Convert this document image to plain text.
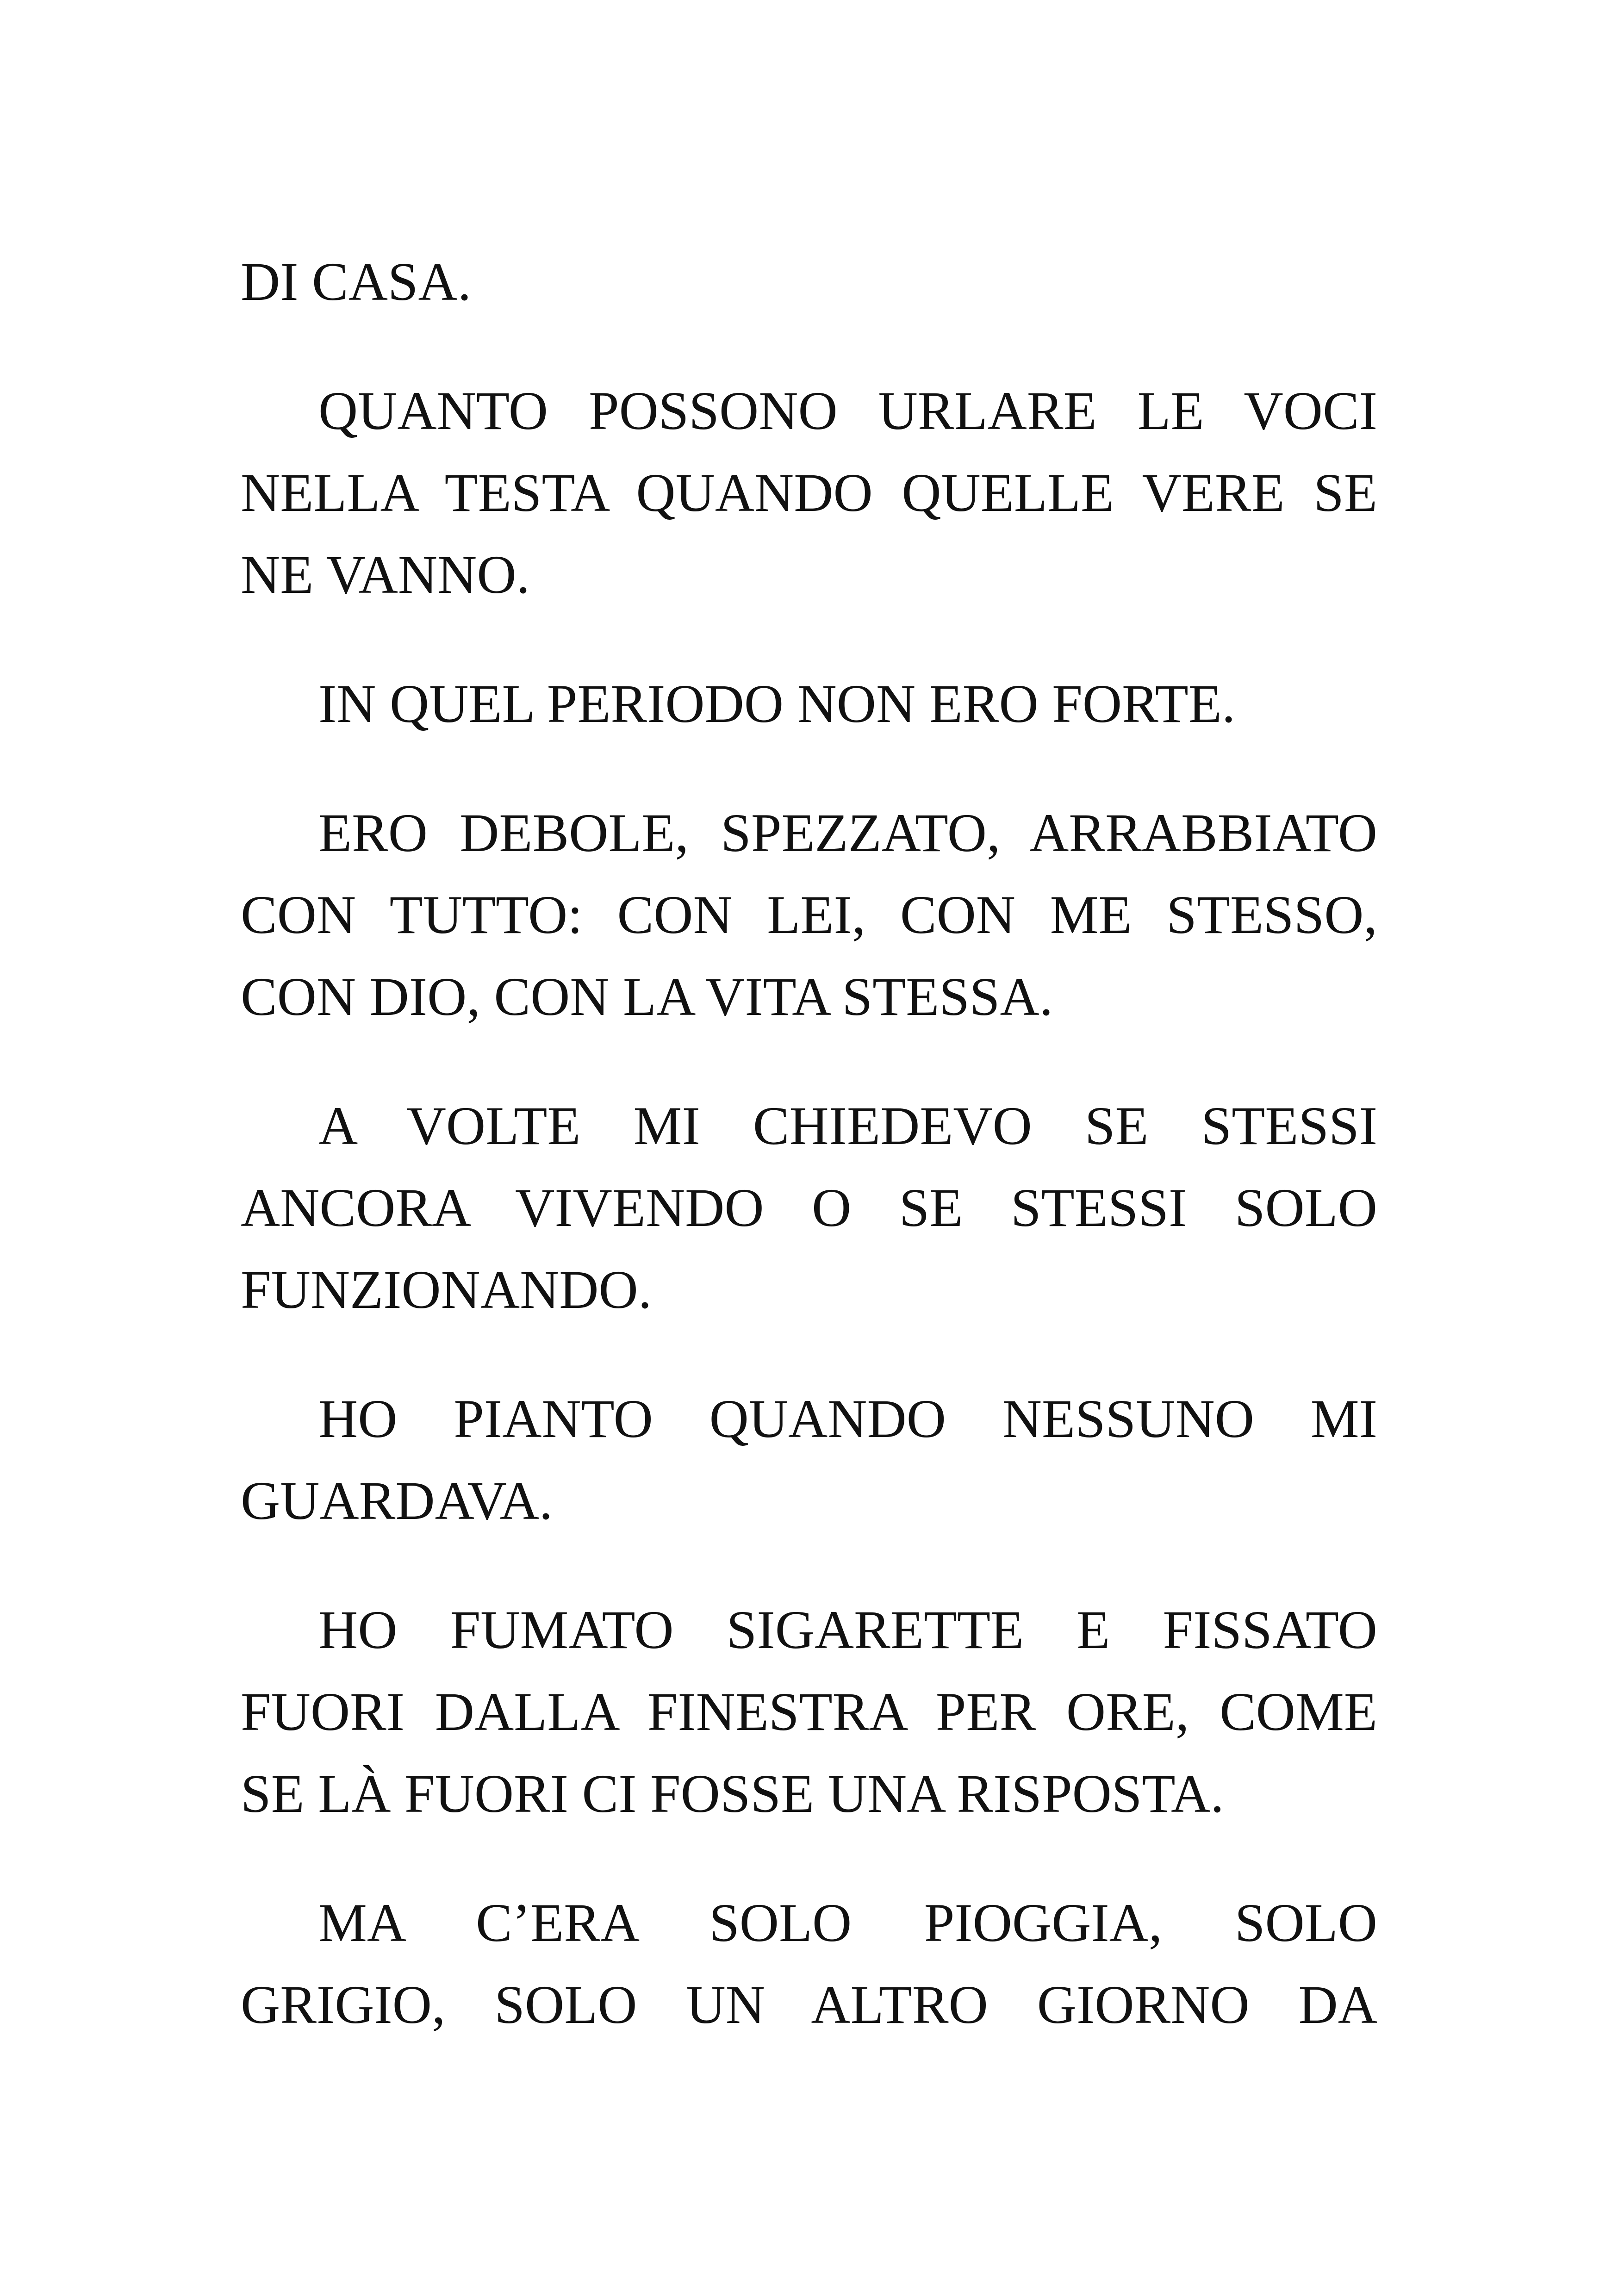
DI CASA.
QUANTO POSSONO URLARE LE VOCI
NELLA TESTA QUANDO QUELLE VERE SE
NE VANNO.
IN QUEL PERIODO NON ERO FORTE.
ERO DEBOLE, SPEZZATO, ARRABBIATO
CON TUTTO: CON LEI, CON ME STESSO,
CON DIO, CON LA VITA STESSA.
A VOLTE MI CHIEDEVO SE STESSI
ANCORA VIVENDO O SE STESSI SOLO
FUNZIONANDO.
HO PIANTO QUANDO NESSUNO MI
GUARDAVA.
HO FUMATO SIGARETTE E FISSATO
FUORI DALLA FINESTRA PER ORE, COME
SE LÀ FUORI CI FOSSE UNA RISPOSTA.
MA C’ERA SOLO PIOGGIA, SOLO
GRIGIO, SOLO UN ALTRO GIORNO DA
